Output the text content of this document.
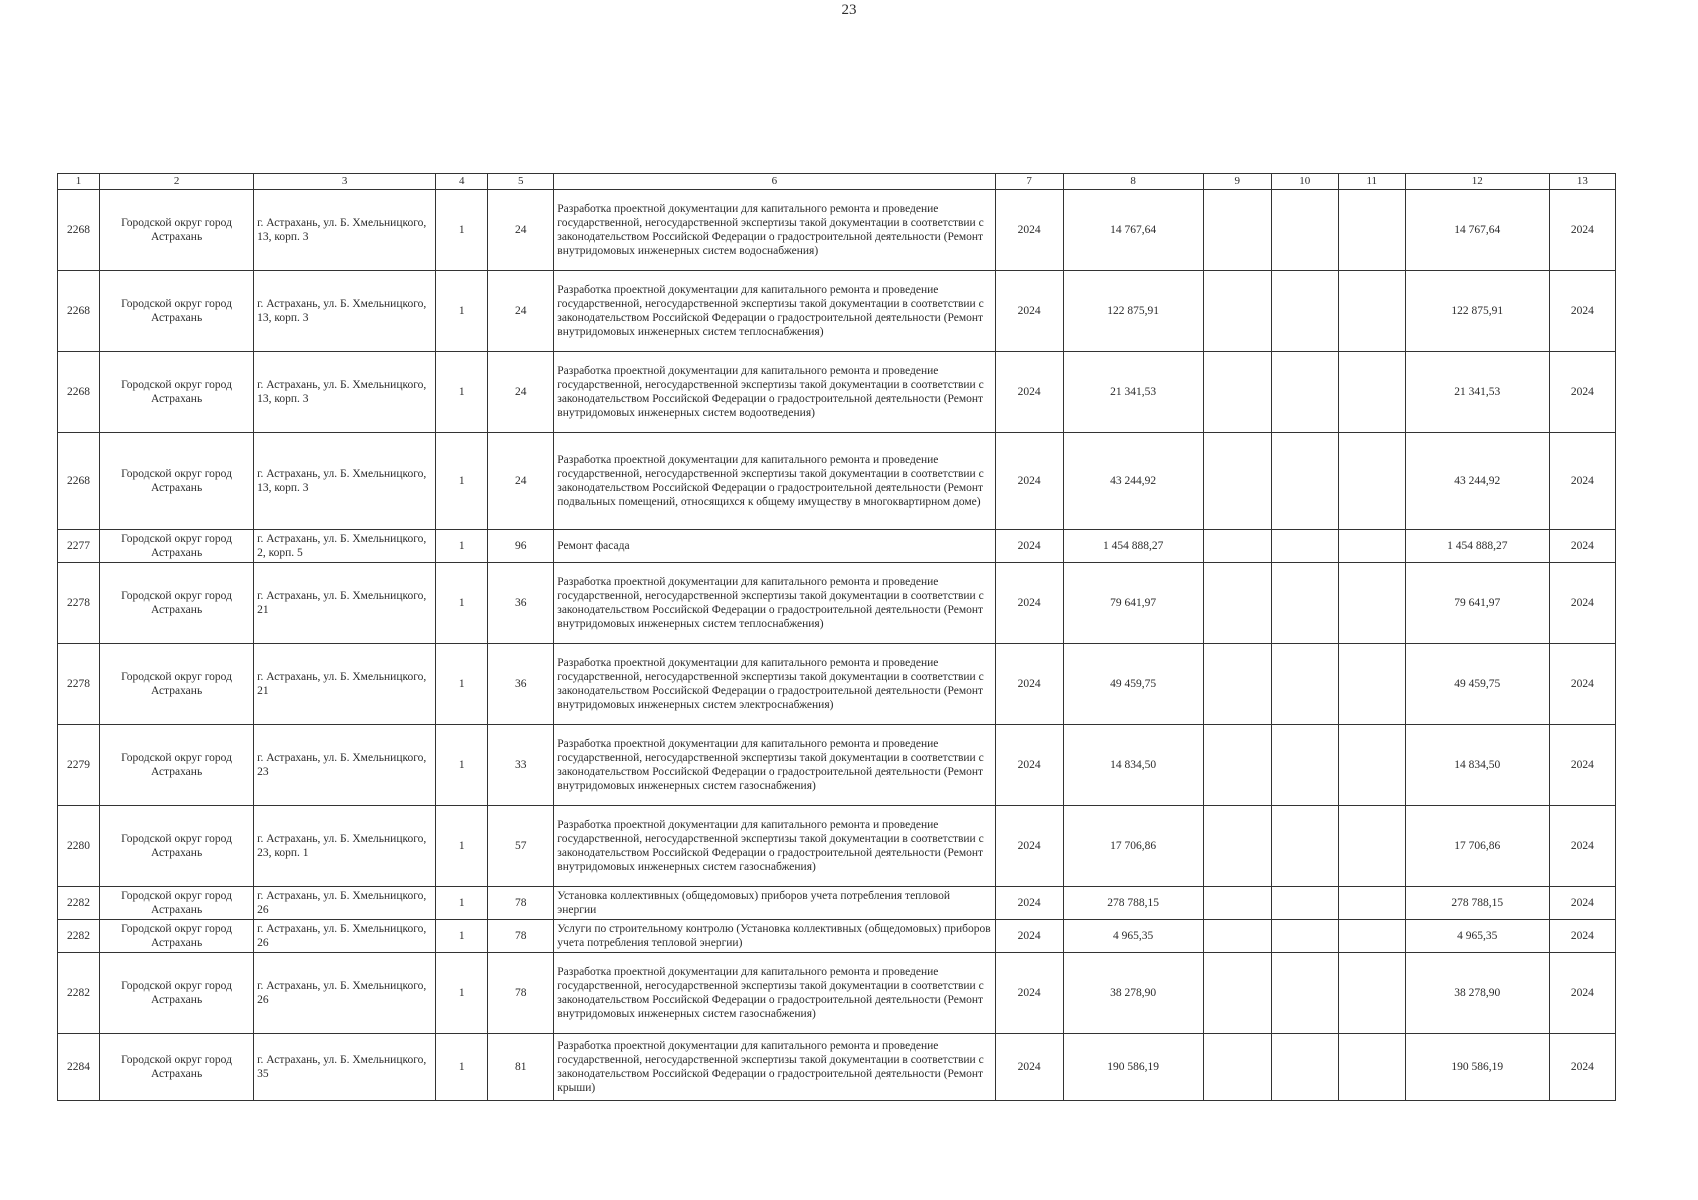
23
1	2	3	4	5	6	7	8	9	10	11	12	13
2268	Городской округ город Астрахань	г. Астрахань, ул. Б. Хмельницкого, 13, корп. 3	1	24	Разработка проектной документации для капитального ремонта и проведение государственной, негосударственной экспертизы такой документации в соответствии с законодательством Российской Федерации о градостроительной деятельности (Ремонт внутридомовых инженерных систем водоснабжения)	2024	14 767,64				14 767,64	2024
2268	Городской округ город Астрахань	г. Астрахань, ул. Б. Хмельницкого, 13, корп. 3	1	24	Разработка проектной документации для капитального ремонта и проведение государственной, негосударственной экспертизы такой документации в соответствии с законодательством Российской Федерации о градостроительной деятельности (Ремонт внутридомовых инженерных систем теплоснабжения)	2024	122 875,91				122 875,91	2024
2268	Городской округ город Астрахань	г. Астрахань, ул. Б. Хмельницкого, 13, корп. 3	1	24	Разработка проектной документации для капитального ремонта и проведение государственной, негосударственной экспертизы такой документации в соответствии с законодательством Российской Федерации о градостроительной деятельности (Ремонт внутридомовых инженерных систем водоотведения)	2024	21 341,53				21 341,53	2024
2268	Городской округ город Астрахань	г. Астрахань, ул. Б. Хмельницкого, 13, корп. 3	1	24	Разработка проектной документации для капитального ремонта и проведение государственной, негосударственной экспертизы такой документации в соответствии с законодательством Российской Федерации о градостроительной деятельности (Ремонт подвальных помещений, относящихся к общему имуществу в многоквартирном доме)	2024	43 244,92				43 244,92	2024
2277	Городской округ город Астрахань	г. Астрахань, ул. Б. Хмельницкого, 2, корп. 5	1	96	Ремонт фасада	2024	1 454 888,27				1 454 888,27	2024
2278	Городской округ город Астрахань	г. Астрахань, ул. Б. Хмельницкого, 21	1	36	Разработка проектной документации для капитального ремонта и проведение государственной, негосударственной экспертизы такой документации в соответствии с законодательством Российской Федерации о градостроительной деятельности (Ремонт внутридомовых инженерных систем теплоснабжения)	2024	79 641,97				79 641,97	2024
2278	Городской округ город Астрахань	г. Астрахань, ул. Б. Хмельницкого, 21	1	36	Разработка проектной документации для капитального ремонта и проведение государственной, негосударственной экспертизы такой документации в соответствии с законодательством Российской Федерации о градостроительной деятельности (Ремонт внутридомовых инженерных систем электроснабжения)	2024	49 459,75				49 459,75	2024
2279	Городской округ город Астрахань	г. Астрахань, ул. Б. Хмельницкого, 23	1	33	Разработка проектной документации для капитального ремонта и проведение государственной, негосударственной экспертизы такой документации в соответствии с законодательством Российской Федерации о градостроительной деятельности (Ремонт внутридомовых инженерных систем газоснабжения)	2024	14 834,50				14 834,50	2024
2280	Городской округ город Астрахань	г. Астрахань, ул. Б. Хмельницкого, 23, корп. 1	1	57	Разработка проектной документации для капитального ремонта и проведение государственной, негосударственной экспертизы такой документации в соответствии с законодательством Российской Федерации о градостроительной деятельности (Ремонт внутридомовых инженерных систем газоснабжения)	2024	17 706,86				17 706,86	2024
2282	Городской округ город Астрахань	г. Астрахань, ул. Б. Хмельницкого, 26	1	78	Установка коллективных (общедомовых) приборов учета потребления тепловой энергии	2024	278 788,15				278 788,15	2024
2282	Городской округ город Астрахань	г. Астрахань, ул. Б. Хмельницкого, 26	1	78	Услуги по строительному контролю (Установка коллективных (общедомовых) приборов учета потребления тепловой энергии)	2024	4 965,35				4 965,35	2024
2282	Городской округ город Астрахань	г. Астрахань, ул. Б. Хмельницкого, 26	1	78	Разработка проектной документации для капитального ремонта и проведение государственной, негосударственной экспертизы такой документации в соответствии с законодательством Российской Федерации о градостроительной деятельности (Ремонт внутридомовых инженерных систем газоснабжения)	2024	38 278,90				38 278,90	2024
2284	Городской округ город Астрахань	г. Астрахань, ул. Б. Хмельницкого, 35	1	81	Разработка проектной документации для капитального ремонта и проведение государственной, негосударственной экспертизы такой документации в соответствии с законодательством Российской Федерации о градостроительной деятельности (Ремонт крыши)	2024	190 586,19				190 586,19	2024
